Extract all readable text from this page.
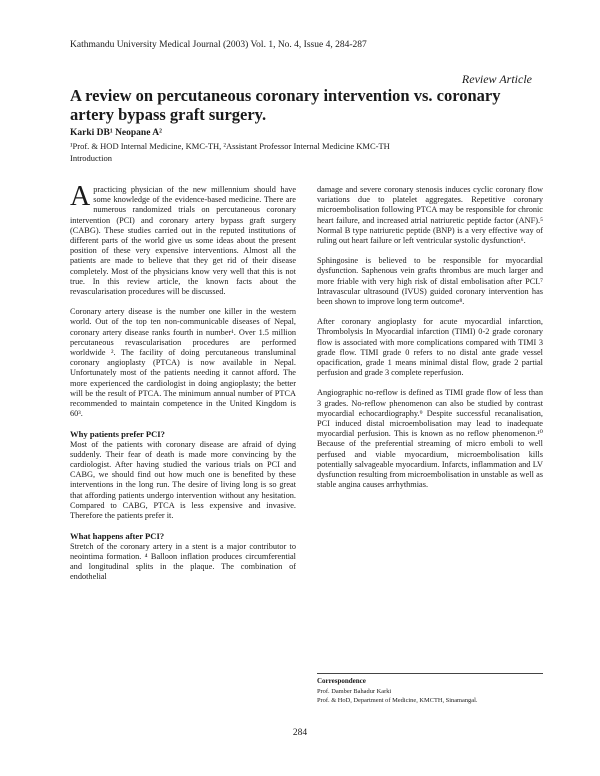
Kathmandu University Medical Journal (2003) Vol. 1, No. 4, Issue 4, 284-287
Review Article
A review on percutaneous coronary intervention vs. coronary artery bypass graft surgery.
Karki DB¹ Neopane A²
¹Prof. & HOD Internal Medicine, KMC-TH, ²Assistant Professor Internal Medicine KMC-TH
Introduction

Apracticing physician of the new millennium should have some knowledge of the evidence-based medicine. There are numerous randomized trials on percutaneous coronary intervention (PCI) and coronary artery bypass graft surgery (CABG). These studies carried out in the reputed institutions of different parts of the world give us some ideas about the present position of these very expensive interventions. Almost all the patients are made to believe that they get rid of their disease completely. Most of the physicians know very well that this is not true. In this review article, the known facts about the revascularisation procedures will be discussed.

Coronary artery disease is the number one killer in the western world. Out of the top ten non-communicable diseases of Nepal, coronary artery disease ranks fourth in number¹. Over 1.5 million percutaneous revascularisation procedures are performed worldwide ². The facility of doing percutaneous transluminal coronary angioplasty (PTCA) is now available in Nepal. Unfortunately most of the patients needing it cannot afford. The more experienced the cardiologist in doing angioplasty; the better will be the result of PTCA. The minimum annual number of PTCA recommended to maintain competence in the United Kingdom is 60³.

Why patients prefer PCI?

Most of the patients with coronary disease are afraid of dying suddenly. Their fear of death is made more convincing by the cardiologist. After having studied the various trials on PCI and CABG, we should find out how much one is benefited by these interventions in the long run. The desire of living long is so great that affording patients undergo intervention without any hesitation. Compared to CABG, PTCA is less expensive and invasive. Therefore the patients prefer it.

What happens after PCI?

Stretch of the coronary artery in a stent is a major contributor to neointima formation. ⁴ Balloon inflation produces circumferential and longitudinal splits in the plaque. The combination of endothelial

damage and severe coronary stenosis induces cyclic coronary flow variations due to platelet aggregates. Repetitive coronary microembolisation following PTCA may be responsible for chronic heart failure, and increased atrial natriuretic peptide factor (ANF).⁵ Normal B type natriuretic peptide (BNP) is a very effective way of ruling out heart failure or left ventricular systolic dysfunction⁶.

Sphingosine is believed to be responsible for myocardial dysfunction. Saphenous vein grafts thrombus are much larger and more friable with very high risk of distal embolisation after PCI.⁷ Intravascular ultrasound (IVUS) guided coronary intervention has been shown to improve long term outcome⁸.

After coronary angioplasty for acute myocardial infarction, Thrombolysis In Myocardial infarction (TIMI) 0-2 grade coronary flow is associated with more complications compared with TIMI 3 grade flow. TIMI grade 0 refers to no distal ante grade vessel opacification, grade 1 means minimal distal flow, grade 2 partial perfusion and grade 3 complete reperfusion.

Angiographic no-reflow is defined as TIMI grade flow of less than 3 grades. No-reflow phenomenon can also be studied by contrast myocardial echocardiography.⁹ Despite successful recanalisation, PCI induced distal microembolisation may lead to inadequate myocardial perfusion. This is known as no reflow phenomenon.¹⁰ Because of the preferential streaming of micro emboli to well perfused and viable myocardium, microembolisation kills potentially salvageable myocardium. Infarcts, inflammation and LV dysfunction resulting from microembolisation in unstable as well as stable angina causes arrhythmias.

Correspondence
Prof. Damber Bahadur Karki
Prof. & HoD, Department of Medicine, KMCTH, Sinamangal.
284
